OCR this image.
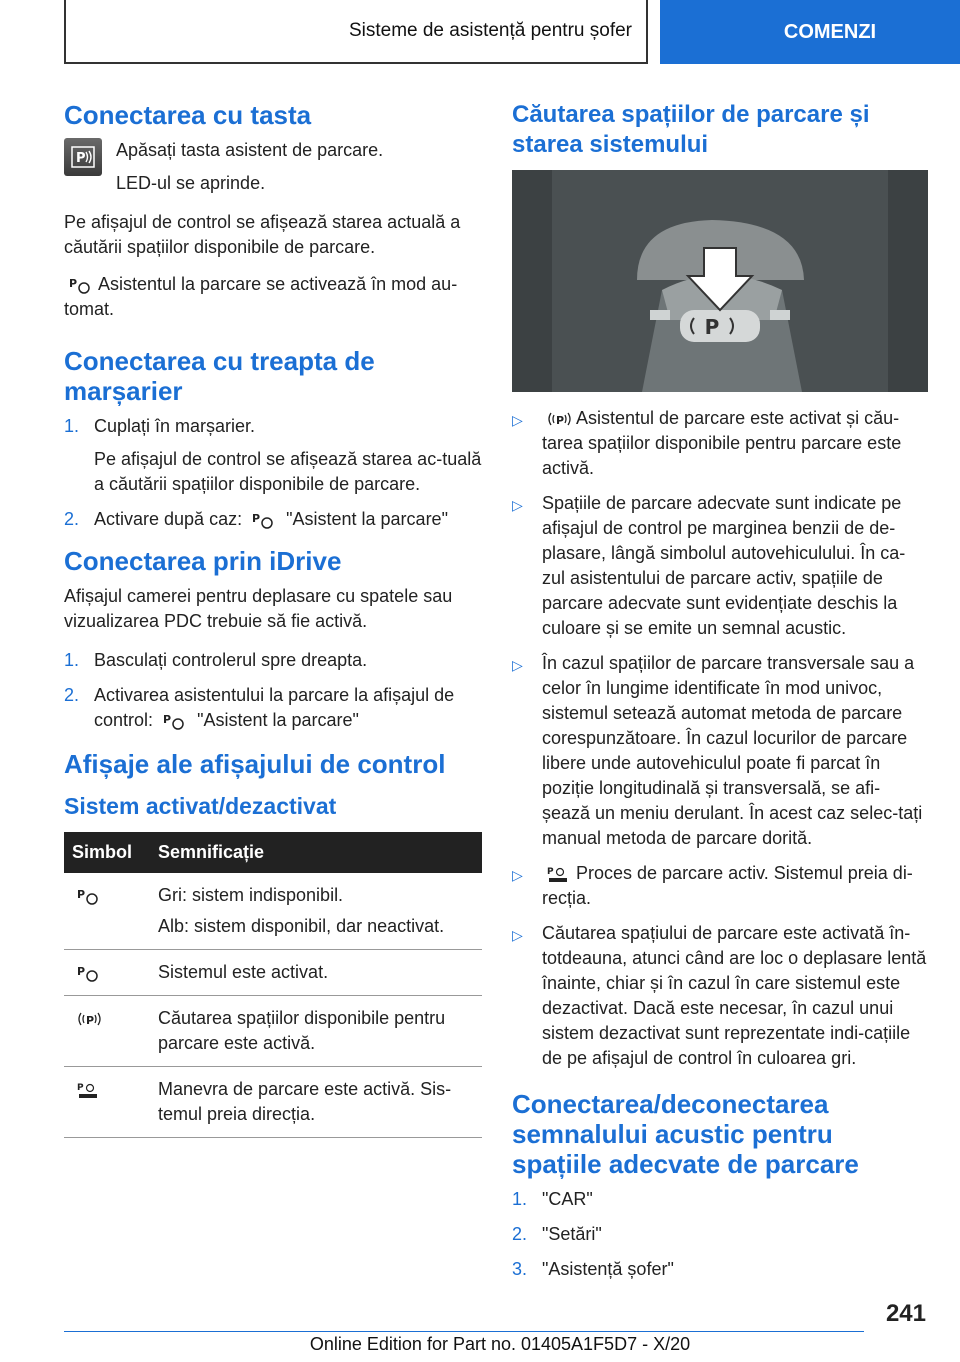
Sisteme de asistență pentru șofer	COMENZI
Conectarea cu tasta
P Apăsați tasta asistent de parcare.

LED-ul se aprinde.

Pe afișajul de control se afișează starea actuală a căutării spațiilor disponibile de parcare.

P Asistentul la parcare se activează în mod au-tomat.

Conectarea cu treapta de marșarier
1. Cuplați în marșarier.
Pe afișajul de control se afișează starea ac-tuală a căutării spațiilor disponibile de parcare.
2. Activare după caz: P "Asistent la parcare"
Conectarea prin iDrive

Afișajul camerei pentru deplasare cu spatele sau vizualizarea PDC trebuie să fie activă.

1. Basculați controlerul spre dreapta.
2. Activarea asistentului la parcare la afișajul de control: P "Asistent la parcare"
Afișaje ale afișajului de control
Sistem activat/dezactivat
Simbol	Semnificație

P	Gri: sistem indisponibil.
Alb: sistem disponibil, dar neactivat.

P	Sistemul este activat.

P	Căutarea spațiilor disponibile pentru parcare este activă.

P	Manevra de parcare este activă. Sis-temul preia direcția.
Căutarea spațiilor de parcare și starea sistemului
P
▷	P Asistentul de parcare este activat și cău-tarea spațiilor disponibile pentru parcare este activă.
▷	Spațiile de parcare adecvate sunt indicate pe afișajul de control pe marginea benzii de de-plasare, lângă simbolul autovehiculului. În ca-zul asistentului de parcare activ, spațiile de parcare adecvate sunt evidențiate deschis la culoare și se emite un semnal acustic.
▷	În cazul spațiilor de parcare transversale sau a celor în lungime identificate în mod univoc, sistemul setează automat metoda de parcare corespunzătoare. În cazul locurilor de parcare libere unde autovehiculul poate fi parcat în poziție longitudinală și transversală, se afi-șează un meniu derulant. În acest caz selec-tați manual metoda de parcare dorită.
▷	P Proces de parcare activ. Sistemul preia di-recția.
▷	Căutarea spațiului de parcare este activată în-totdeauna, atunci când are loc o deplasare lentă înainte, chiar și în cazul în care sistemul este dezactivat. Dacă este necesar, în cazul unui sistem dezactivat sunt reprezentate indi-cațiile de pe afișajul de control în culoarea gri.
Conectarea/deconectarea semnalului acustic pentru spațiile adecvate de parcare
1. "CAR"
2. "Setări"
3. "Asistență șofer"
241
Online Edition for Part no. 01405A1F5D7 - X/20
